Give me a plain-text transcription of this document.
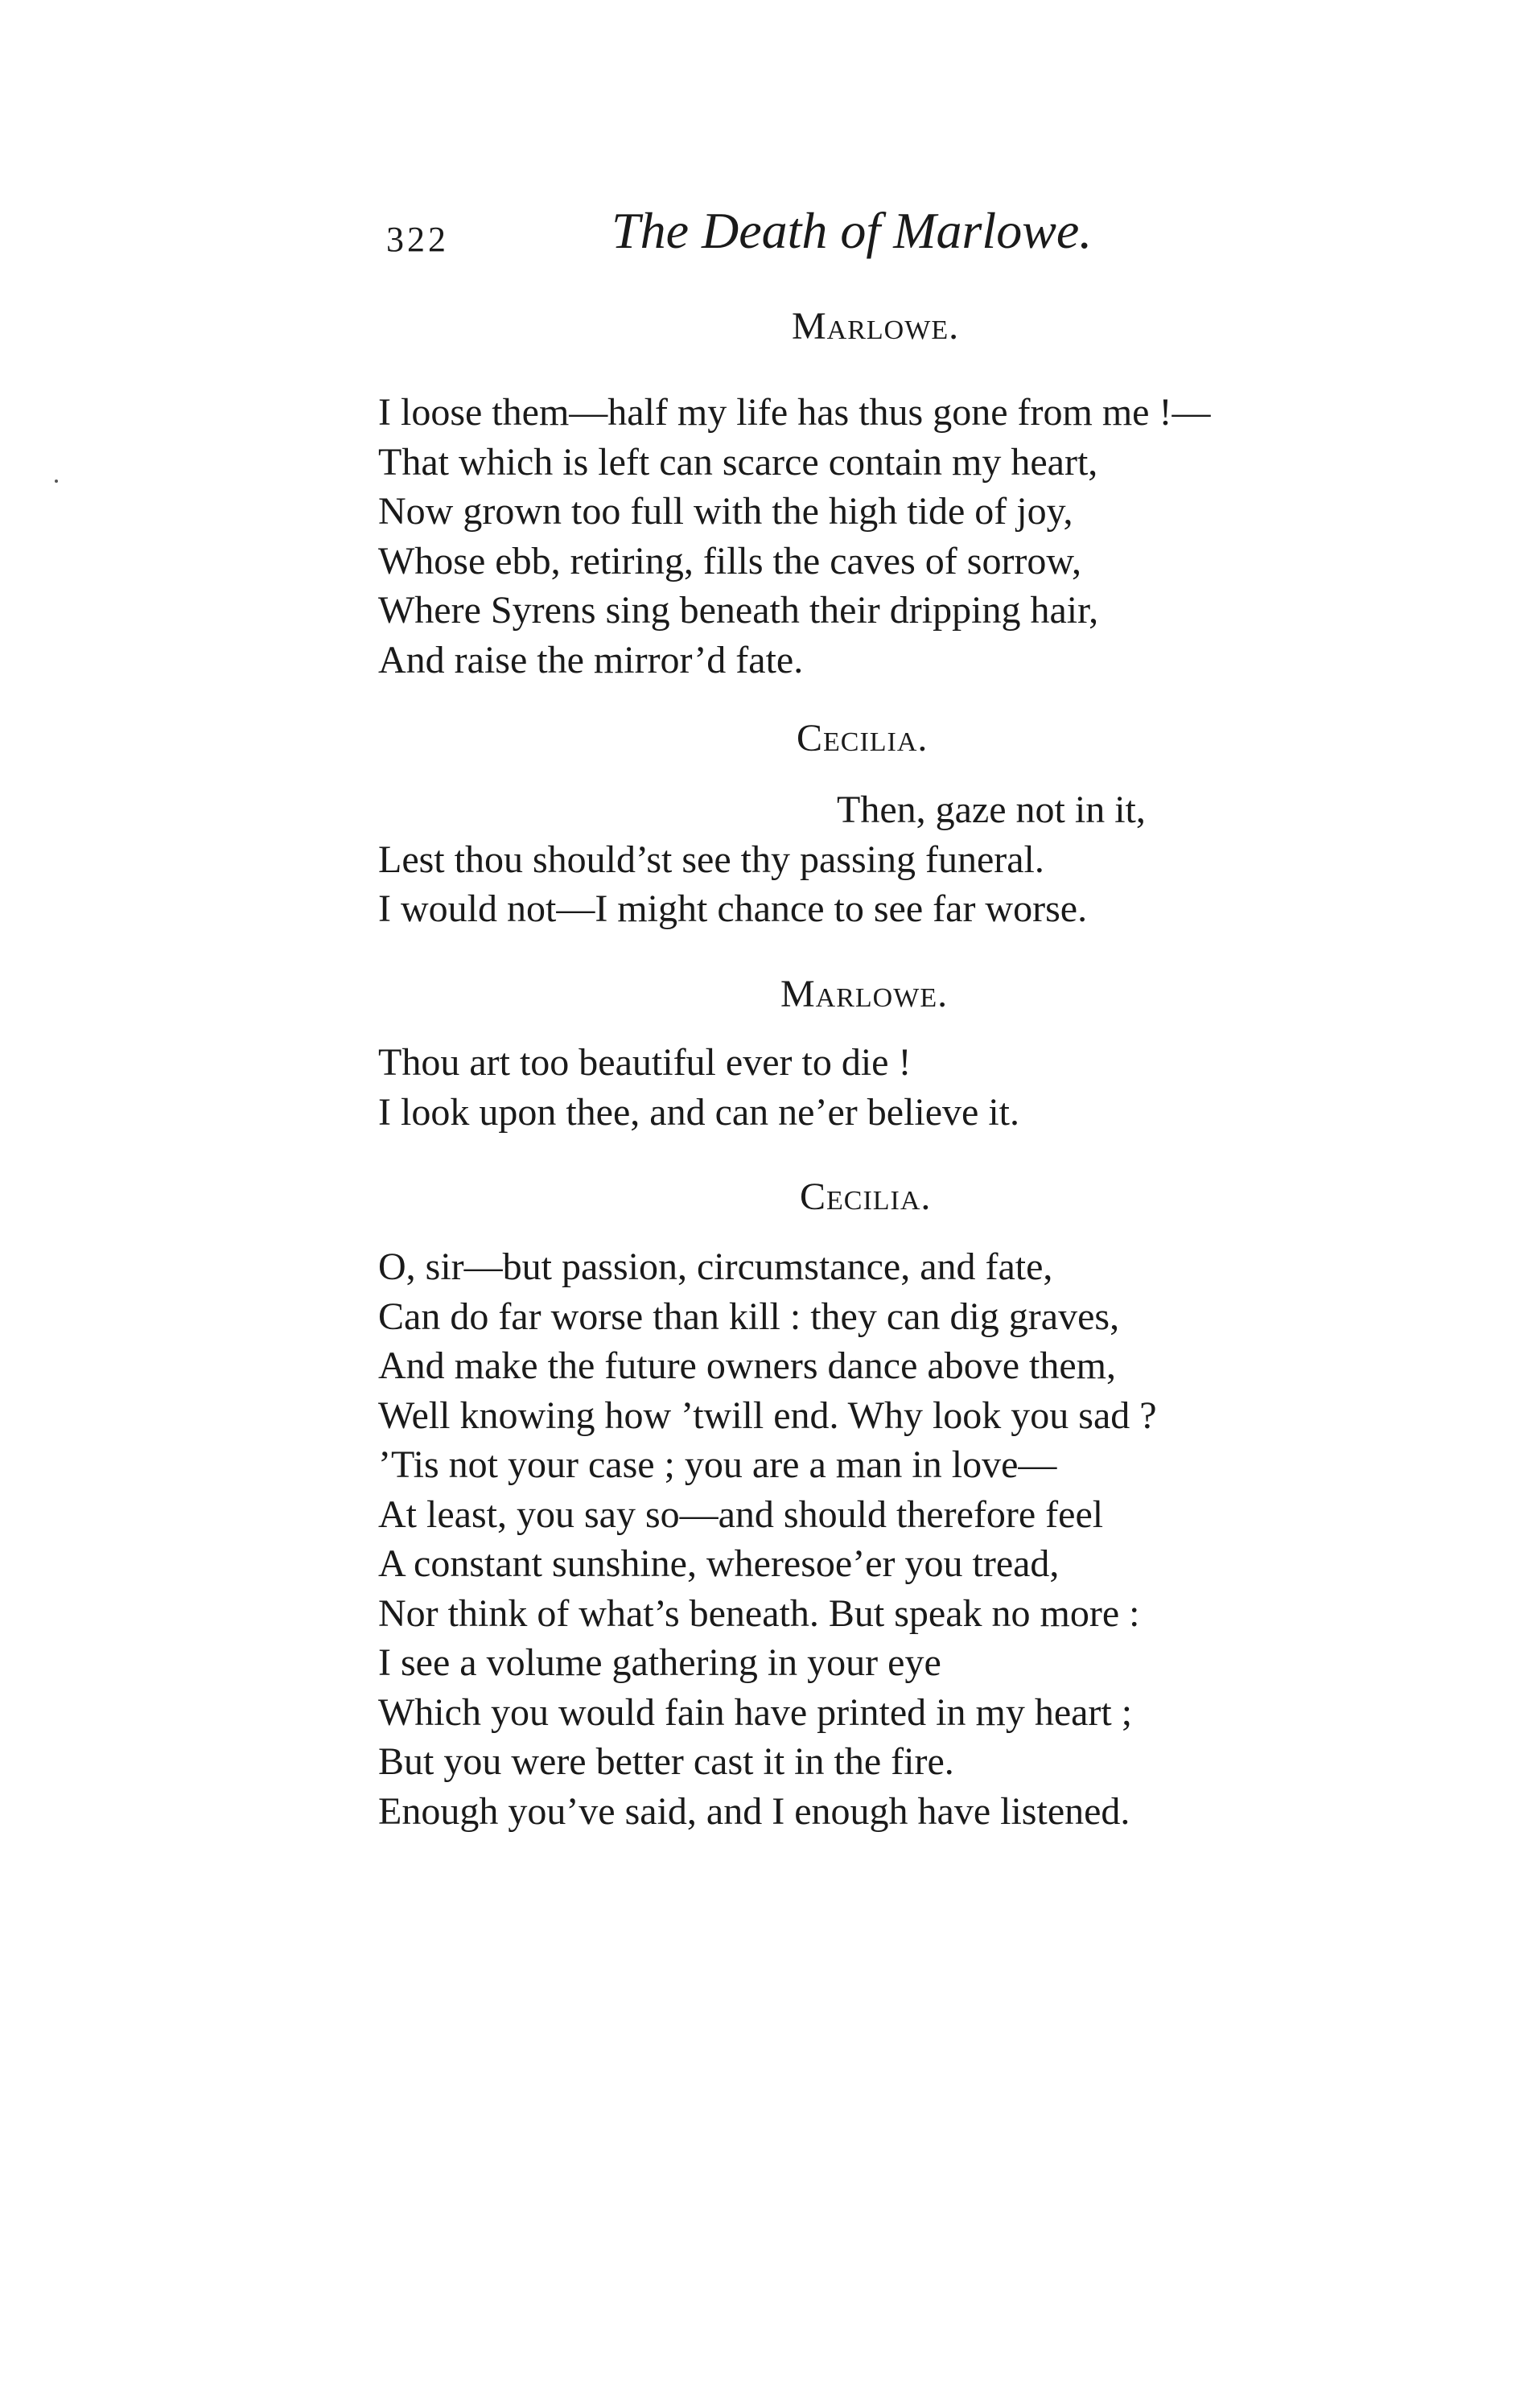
322	The Death of Marlowe.
Marlowe.
I loose them—half my life has thus gone from me !—
That which is left can scarce contain my heart,
Now grown too full with the high tide of joy,
Whose ebb, retiring, fills the caves of sorrow,
Where Syrens sing beneath their dripping hair,
And raise the mirror’d fate.
Cecilia.
Then, gaze not in it,
Lest thou should’st see thy passing funeral.
I would not—I might chance to see far worse.
Marlowe.
Thou art too beautiful ever to die !
I look upon thee, and can ne’er believe it.
Cecilia.
O, sir—but passion, circumstance, and fate,
Can do far worse than kill : they can dig graves,
And make the future owners dance above them,
Well knowing how ’twill end. Why look you sad ?
’Tis not your case ; you are a man in love—
At least, you say so—and should therefore feel
A constant sunshine, wheresoe’er you tread,
Nor think of what’s beneath. But speak no more :
I see a volume gathering in your eye
Which you would fain have printed in my heart ;
But you were better cast it in the fire.
Enough you’ve said, and I enough have listened.
